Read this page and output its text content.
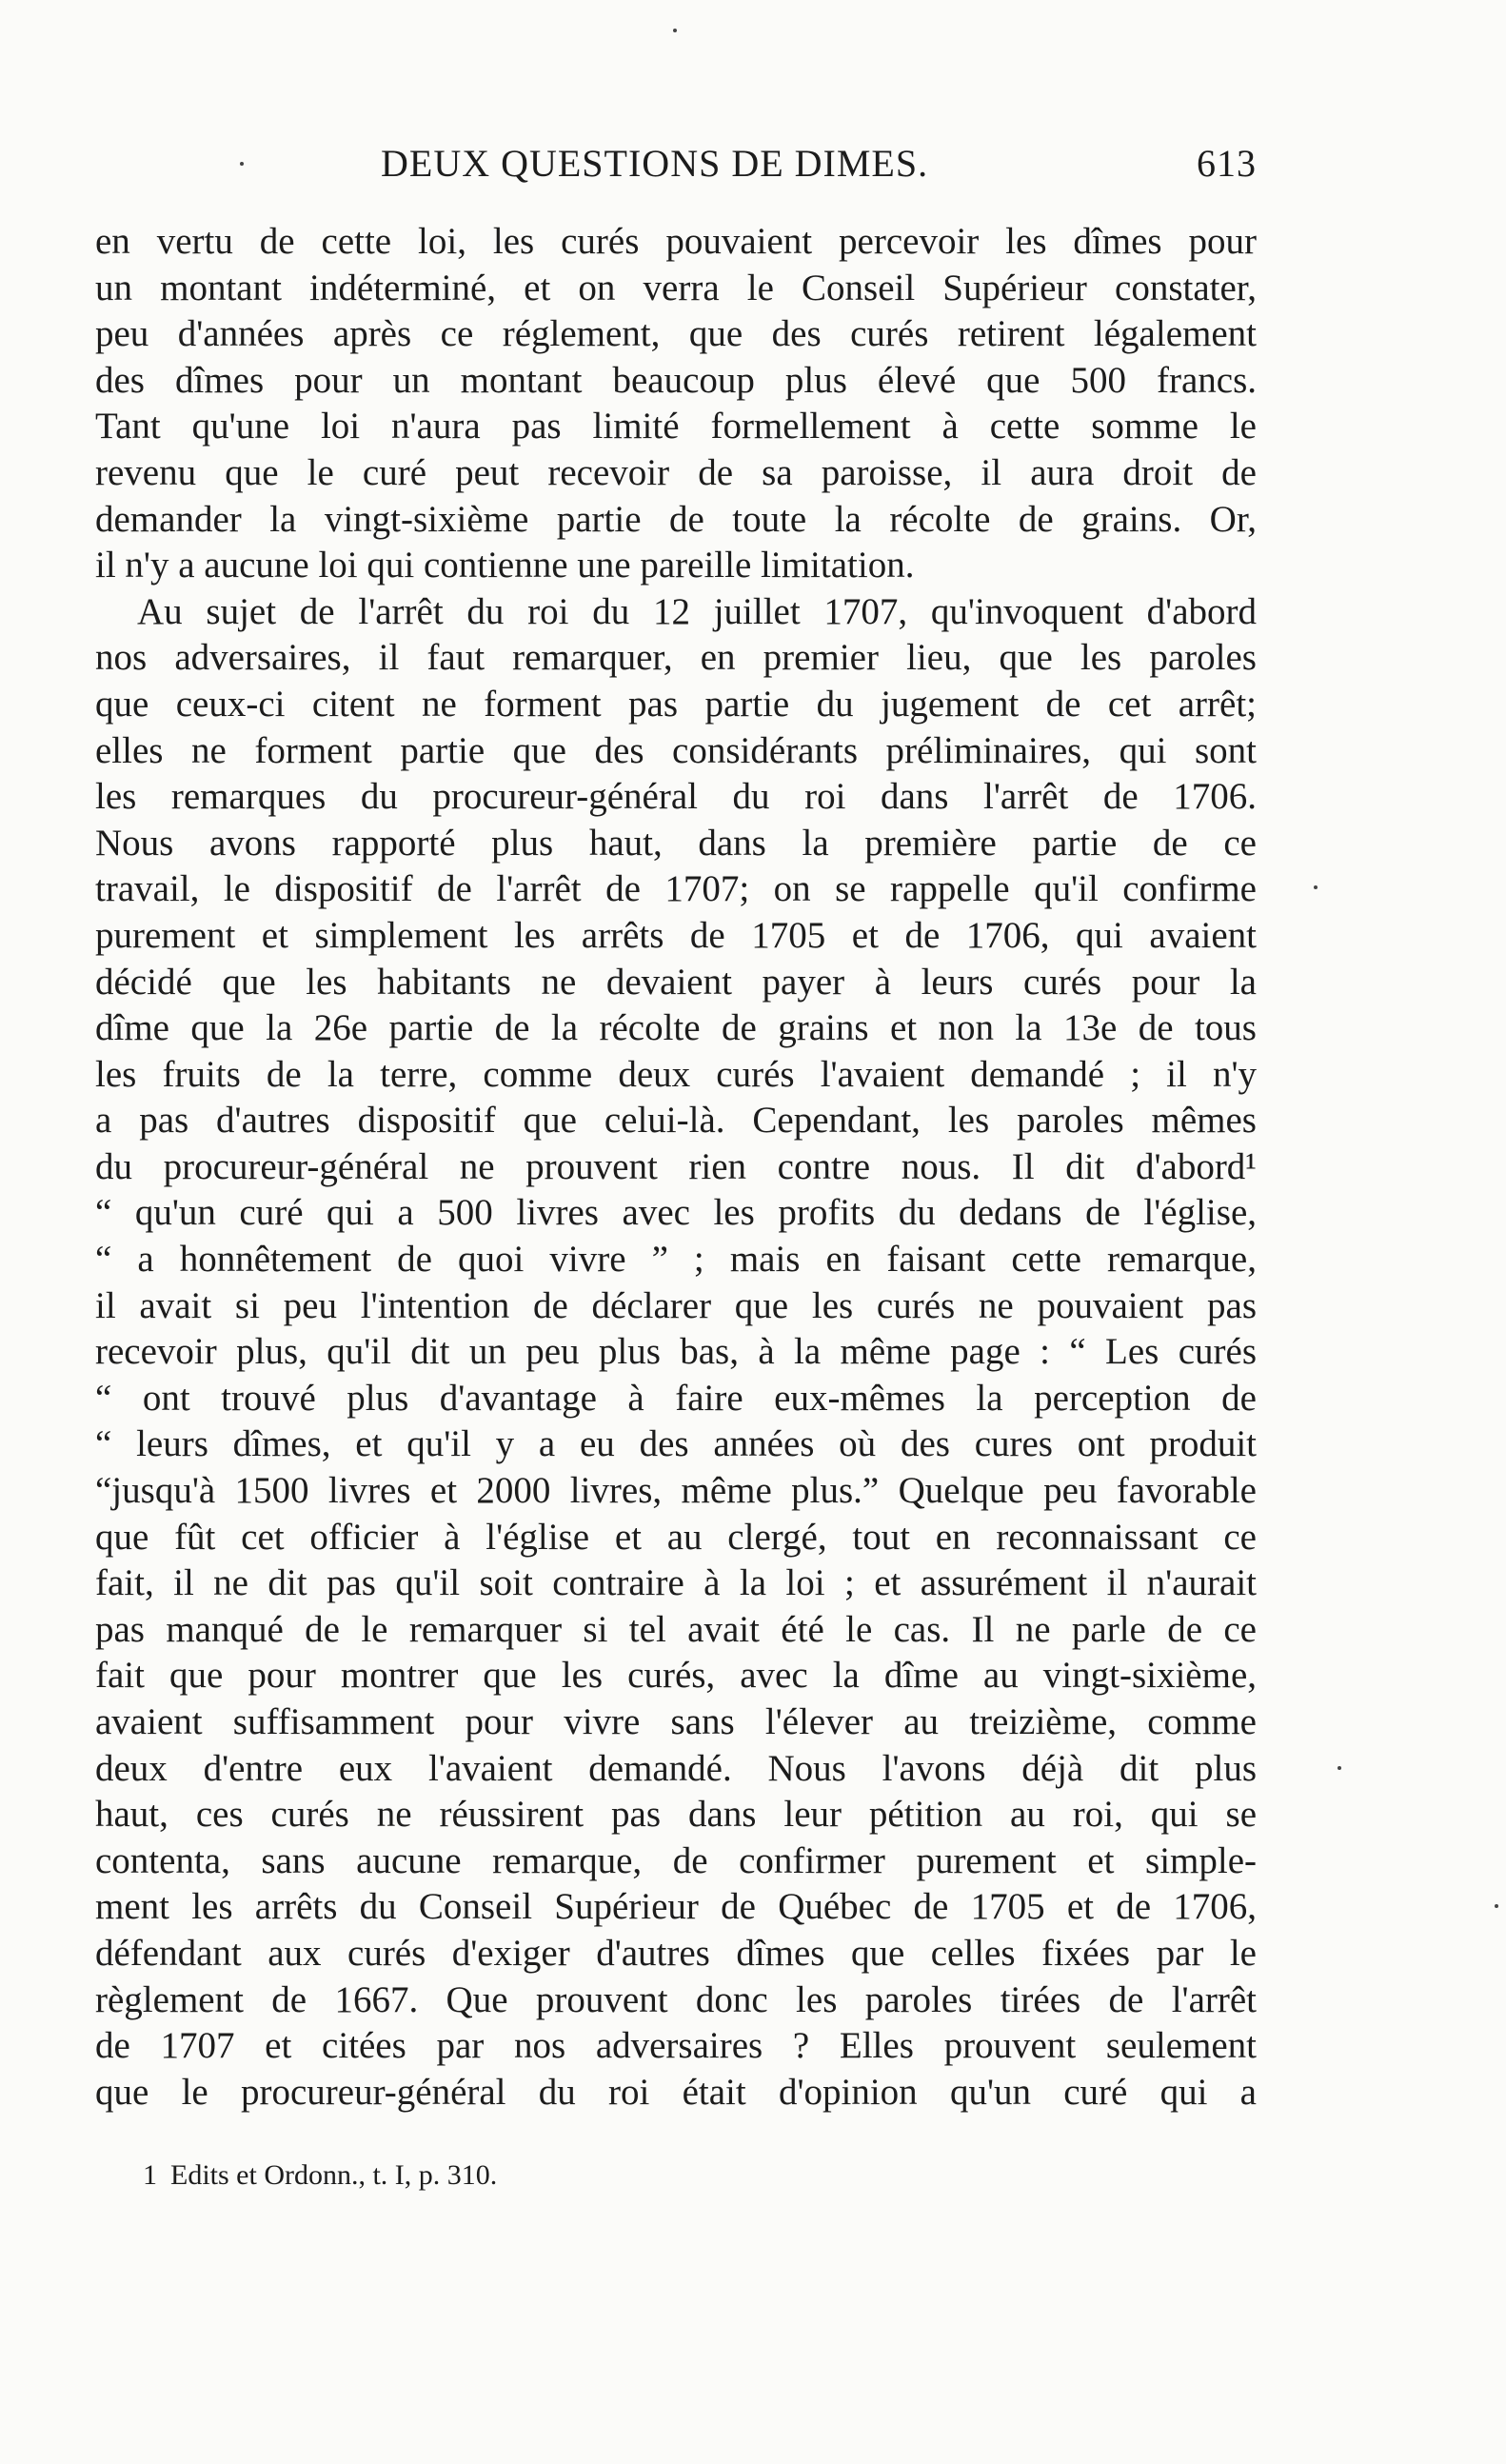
DEUX QUESTIONS DE DIMES.	613
en vertu de cette loi, les curés pouvaient percevoir les dîmes pour
un montant indéterminé, et on verra le Conseil Supérieur constater,
peu d'années après ce réglement, que des curés retirent légalement
des dîmes pour un montant beaucoup plus élevé que 500 francs.
Tant qu'une loi n'aura pas limité formellement à cette somme le
revenu que le curé peut recevoir de sa paroisse, il aura droit de
demander la vingt-sixième partie de toute la récolte de grains. Or,
il n'y a aucune loi qui contienne une pareille limitation.
Au sujet de l'arrêt du roi du 12 juillet 1707, qu'invoquent d'abord
nos adversaires, il faut remarquer, en premier lieu, que les paroles
que ceux-ci citent ne forment pas partie du jugement de cet arrêt;
elles ne forment partie que des considérants préliminaires, qui sont
les remarques du procureur-général du roi dans l'arrêt de 1706.
Nous avons rapporté plus haut, dans la première partie de ce
travail, le dispositif de l'arrêt de 1707; on se rappelle qu'il confirme
purement et simplement les arrêts de 1705 et de 1706, qui avaient
décidé que les habitants ne devaient payer à leurs curés pour la
dîme que la 26e partie de la récolte de grains et non la 13e de tous
les fruits de la terre, comme deux curés l'avaient demandé ; il n'y
a pas d'autres dispositif que celui-là. Cependant, les paroles mêmes
du procureur-général ne prouvent rien contre nous. Il dit d'abord¹
“ qu'un curé qui a 500 livres avec les profits du dedans de l'église,
“ a honnêtement de quoi vivre ” ; mais en faisant cette remarque,
il avait si peu l'intention de déclarer que les curés ne pouvaient pas
recevoir plus, qu'il dit un peu plus bas, à la même page : “ Les curés
“ ont trouvé plus d'avantage à faire eux-mêmes la perception de
“ leurs dîmes, et qu'il y a eu des années où des cures ont produit
“jusqu'à 1500 livres et 2000 livres, même plus.” Quelque peu favorable
que fût cet officier à l'église et au clergé, tout en reconnaissant ce
fait, il ne dit pas qu'il soit contraire à la loi ; et assurément il n'aurait
pas manqué de le remarquer si tel avait été le cas. Il ne parle de ce
fait que pour montrer que les curés, avec la dîme au vingt-sixième,
avaient suffisamment pour vivre sans l'élever au treizième, comme
deux d'entre eux l'avaient demandé. Nous l'avons déjà dit plus
haut, ces curés ne réussirent pas dans leur pétition au roi, qui se
contenta, sans aucune remarque, de confirmer purement et simple-
ment les arrêts du Conseil Supérieur de Québec de 1705 et de 1706,
défendant aux curés d'exiger d'autres dîmes que celles fixées par le
règlement de 1667. Que prouvent donc les paroles tirées de l'arrêt
de 1707 et citées par nos adversaires ? Elles prouvent seulement
que le procureur-général du roi était d'opinion qu'un curé qui a
1 Edits et Ordonn., t. I, p. 310.
